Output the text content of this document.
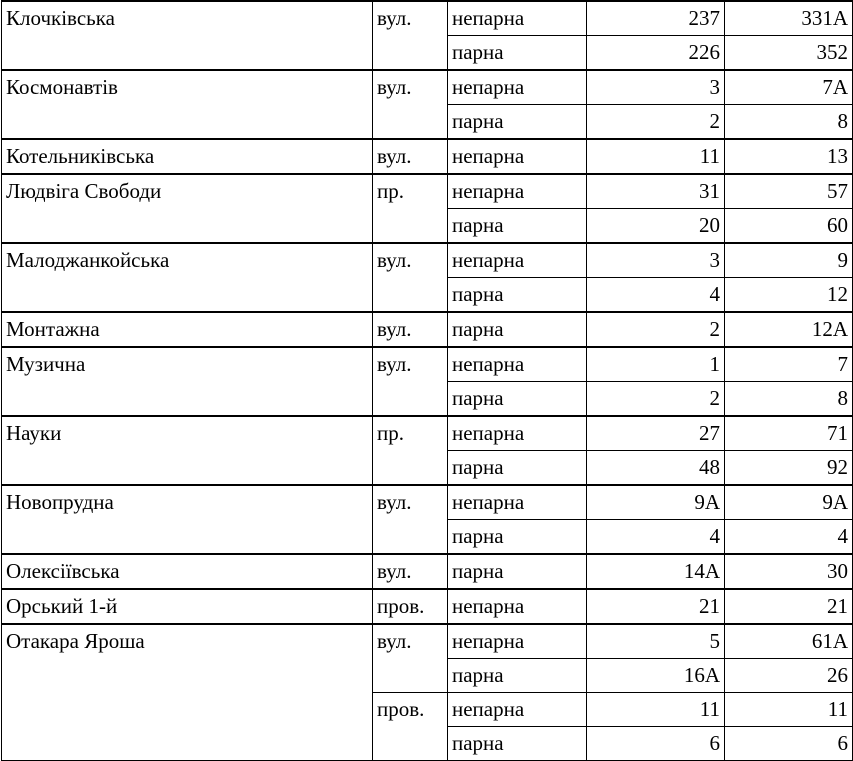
Клочківська	вул.	непарна	237	331А
		парна	226	352
Космонавтів	вул.	непарна	3	7А
		парна	2	8
Котельниківська	вул.	непарна	11	13
Людвіга Свободи	пр.	непарна	31	57
		парна	20	60
Малоджанкойська	вул.	непарна	3	9
		парна	4	12
Монтажна	вул.	парна	2	12А
Музична	вул.	непарна	1	7
		парна	2	8
Науки	пр.	непарна	27	71
		парна	48	92
Новопрудна	вул.	непарна	9А	9А
		парна	4	4
Олексіївська	вул.	парна	14А	30
Орський 1-й	пров.	непарна	21	21
Отакара Яроша	вул.	непарна	5	61А
		парна	16А	26
	пров.	непарна	11	11
		парна	6	6
